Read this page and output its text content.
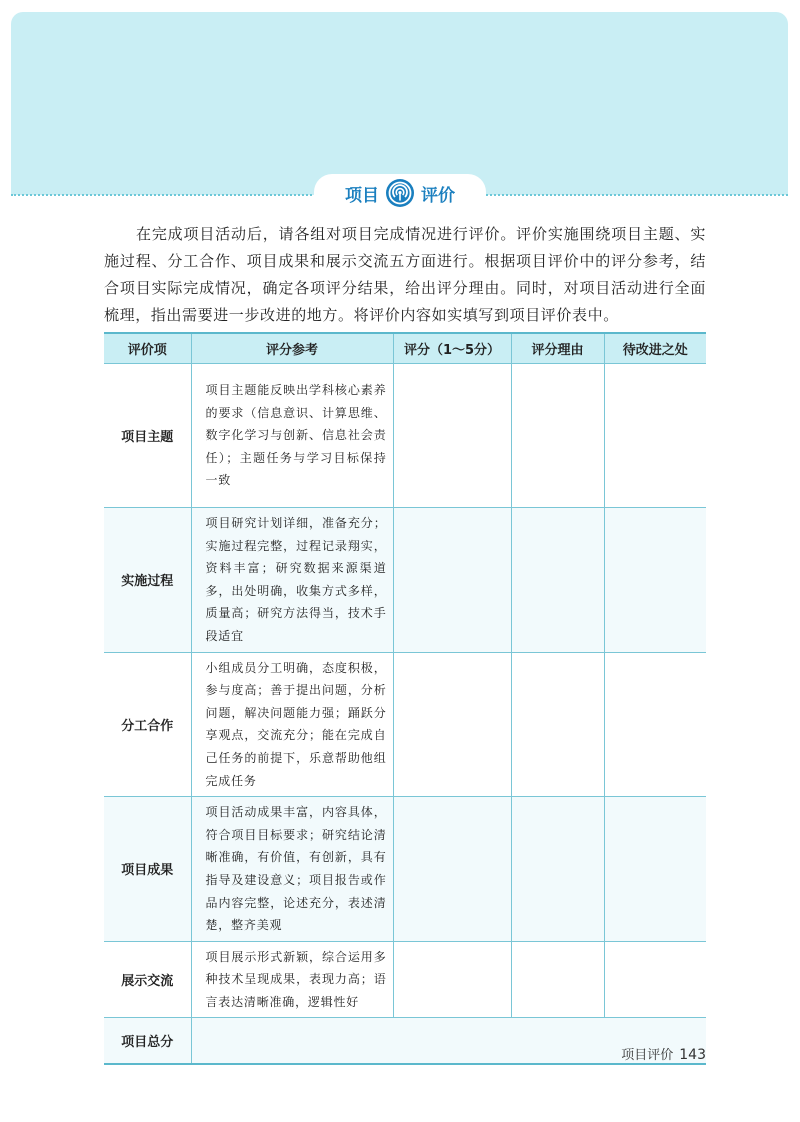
项目	评价

在完成项目活动后，请各组对项目完成情况进行评价。评价实施围绕项目主题、实施过程、分工合作、项目成果和展示交流五方面进行。根据项目评价中的评分参考，结合项目实际完成情况，确定各项评分结果，给出评分理由。同时，对项目活动进行全面梳理，指出需要进一步改进的地方。将评价内容如实填写到项目评价表中。

评价项	评分参考	评分（1～5分）	评分理由	待改进之处
项目主题	项目主题能反映出学科核心素养的要求（信息意识、计算思维、数字化学习与创新、信息社会责任）；主题任务与学习目标保持一致			
实施过程	项目研究计划详细，准备充分；实施过程完整，过程记录翔实，资料丰富；研究数据来源渠道多，出处明确，收集方式多样，质量高；研究方法得当，技术手段适宜			
分工合作	小组成员分工明确，态度积极，参与度高；善于提出问题，分析问题，解决问题能力强；踊跃分享观点，交流充分；能在完成自己任务的前提下，乐意帮助他组完成任务			
项目成果	项目活动成果丰富，内容具体，符合项目目标要求；研究结论清晰准确，有价值，有创新，具有指导及建设意义；项目报告或作品内容完整，论述充分，表述清楚，整齐美观			
展示交流	项目展示形式新颖，综合运用多种技术呈现成果，表现力高；语言表达清晰准确，逻辑性好			
项目总分				
项目评价 143
